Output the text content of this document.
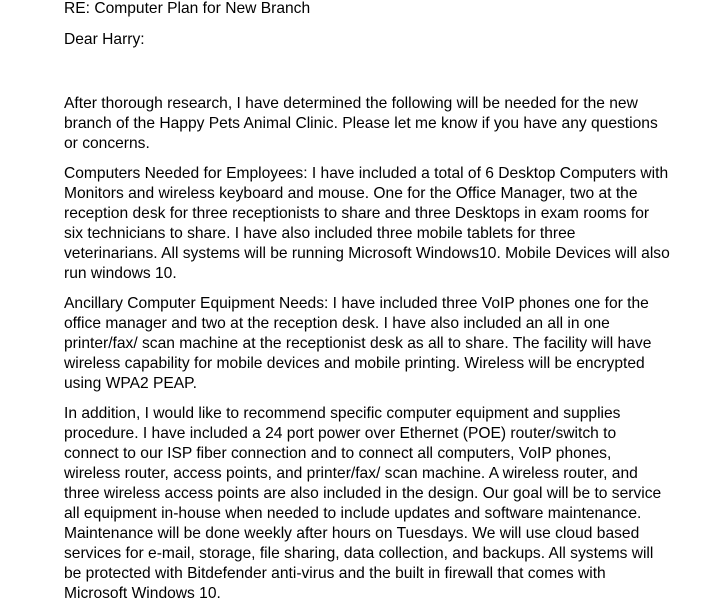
RE: Computer Plan for New Branch

Dear Harry:

After thorough research, I have determined the following will be needed for the new
branch of the Happy Pets Animal Clinic. Please let me know if you have any questions
or concerns.

Computers Needed for Employees: I have included a total of 6 Desktop Computers with
Monitors and wireless keyboard and mouse. One for the Office Manager, two at the
reception desk for three receptionists to share and three Desktops in exam rooms for
six technicians to share. I have also included three mobile tablets for three
veterinarians. All systems will be running Microsoft Windows10. Mobile Devices will also
run windows 10.

Ancillary Computer Equipment Needs: I have included three VoIP phones one for the
office manager and two at the reception desk. I have also included an all in one
printer/fax/ scan machine at the receptionist desk as all to share. The facility will have
wireless capability for mobile devices and mobile printing. Wireless will be encrypted
using WPA2 PEAP.

In addition, I would like to recommend specific computer equipment and supplies
procedure. I have included a 24 port power over Ethernet (POE) router/switch to
connect to our ISP fiber connection and to connect all computers, VoIP phones,
wireless router, access points, and printer/fax/ scan machine. A wireless router, and
three wireless access points are also included in the design. Our goal will be to service
all equipment in-house when needed to include updates and software maintenance.
Maintenance will be done weekly after hours on Tuesdays. We will use cloud based
services for e-mail, storage, file sharing, data collection, and backups. All systems will
be protected with Bitdefender anti-virus and the built in firewall that comes with
Microsoft Windows 10.
